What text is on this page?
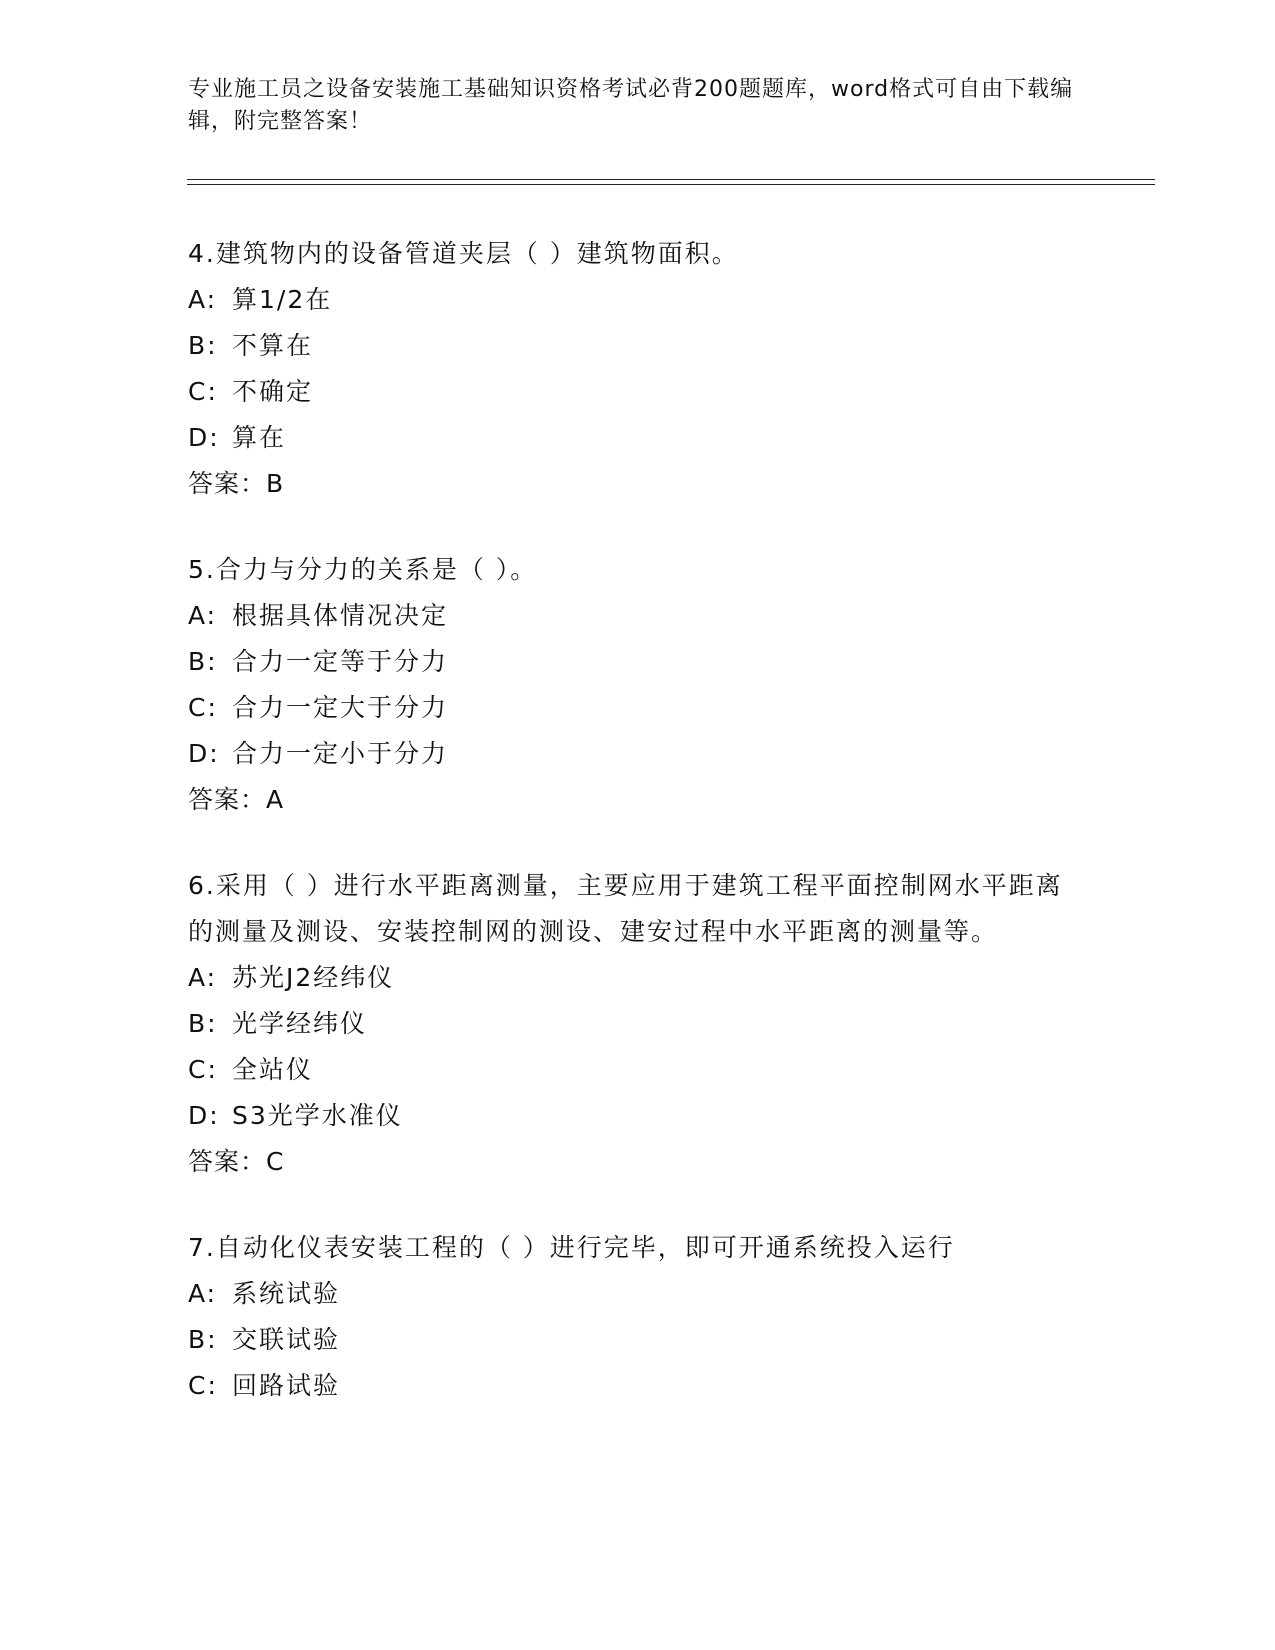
专业施工员之设备安装施工基础知识资格考试必背200题题库，word格式可自由下载编辑，附完整答案！
4.建筑物内的设备管道夹层（ ）建筑物面积。
A: 算1/2在
B: 不算在
C: 不确定
D: 算在
答案：B
5.合力与分力的关系是（ ）。
A: 根据具体情况决定
B: 合力一定等于分力
C: 合力一定大于分力
D: 合力一定小于分力
答案：A
6.采用（ ）进行水平距离测量，主要应用于建筑工程平面控制网水平距离的测量及测设、安装控制网的测设、建安过程中水平距离的测量等。
A: 苏光J2经纬仪
B: 光学经纬仪
C: 全站仪
D: S3光学水准仪
答案：C
7.自动化仪表安装工程的（ ）进行完毕，即可开通系统投入运行
A: 系统试验
B: 交联试验
C: 回路试验
